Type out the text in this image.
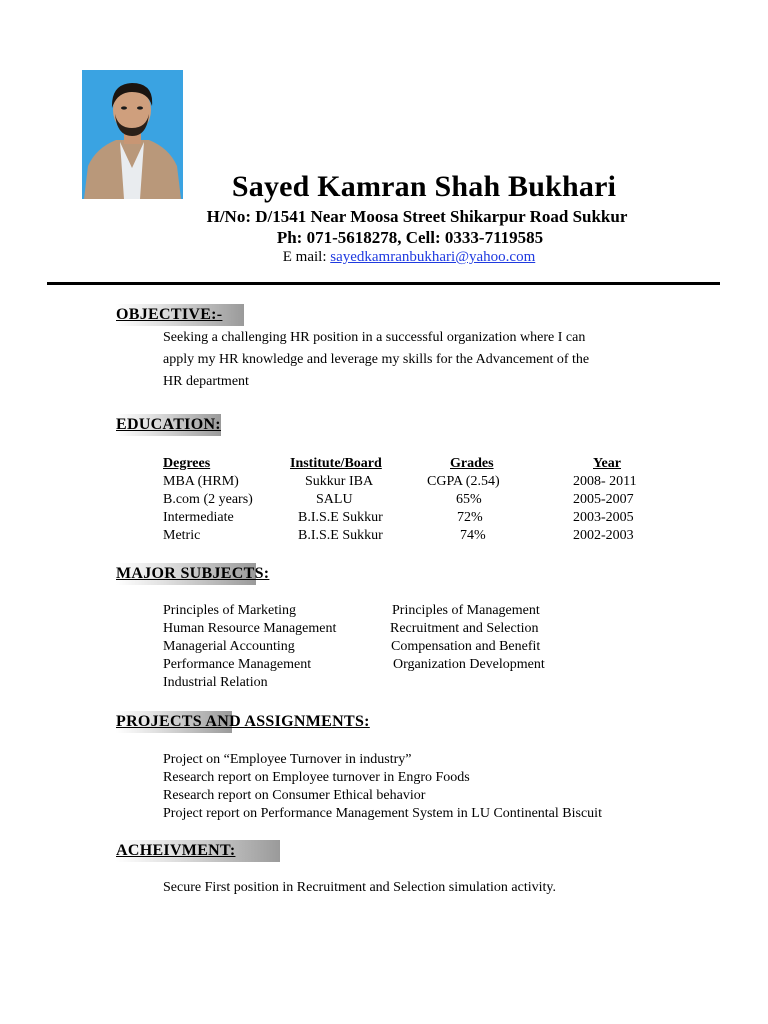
Sayed Kamran Shah Bukhari
H/No: D/1541 Near Moosa Street Shikarpur Road Sukkur
Ph: 071-5618278, Cell: 0333-7119585
E mail: sayedkamranbukhari@yahoo.com
OBJECTIVE:-
Seeking a challenging HR position in a successful organization where I can
apply my HR knowledge and leverage my skills for the Advancement of the
HR department
EDUCATION:
Degrees	Institute/Board	Grades	Year
MBA (HRM)	Sukkur IBA	CGPA (2.54)	2008- 2011
B.com (2 years)	SALU	65%	2005-2007
Intermediate	B.I.S.E Sukkur	72%	2003-2005
Metric	B.I.S.E Sukkur	74%	2002-2003
MAJOR SUBJECTS:
Principles of Marketing	Principles of Management
Human Resource Management	Recruitment and Selection
Managerial Accounting	Compensation and Benefit
Performance Management	Organization Development
Industrial Relation
PROJECTS AND ASSIGNMENTS:
Project on “Employee Turnover in industry”
Research report on Employee turnover in Engro Foods
Research report on Consumer Ethical behavior
Project report on Performance Management System in LU Continental Biscuit
ACHEIVMENT:
Secure First position in Recruitment and Selection simulation activity.
